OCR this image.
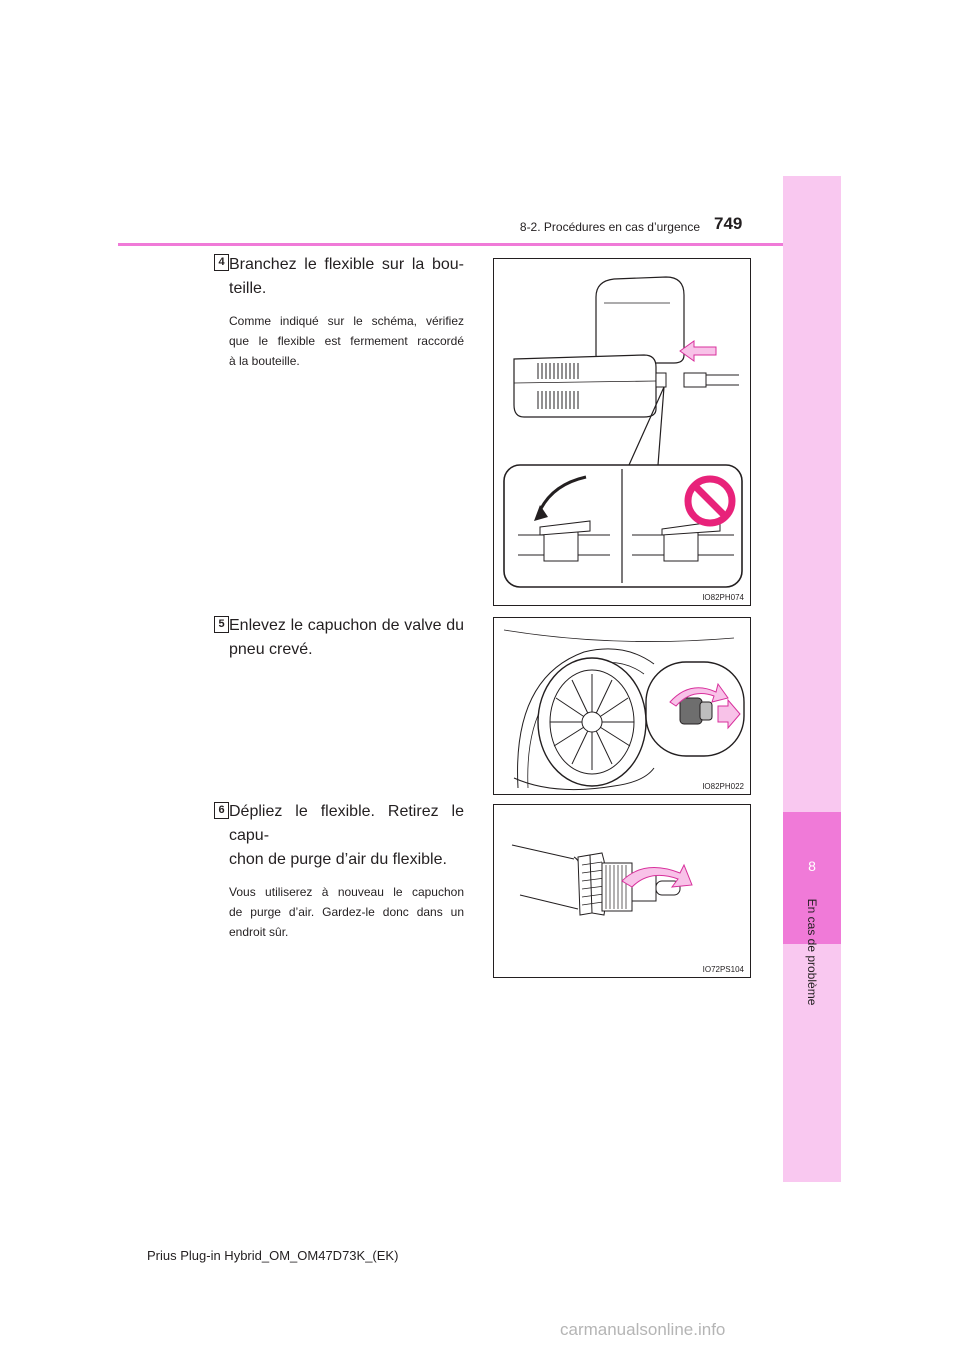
8
En cas de problème
8-2. Procédures en cas d’urgence 749
4 Branchez le flexible sur la bou-
teille.
Comme indiqué sur le schéma, vérifiez
que le flexible est fermement raccordé
à la bouteille.
IO82PH074
5 Enlevez le capuchon de valve du
pneu crevé.
IO82PH022
6 Dépliez le flexible. Retirez le capu-
chon de purge d’air du flexible.
Vous utiliserez à nouveau le capuchon
de purge d’air. Gardez-le donc dans un
endroit sûr.
IO72PS104
Prius Plug-in Hybrid_OM_OM47D73K_(EK)
carmanualsonline.info
